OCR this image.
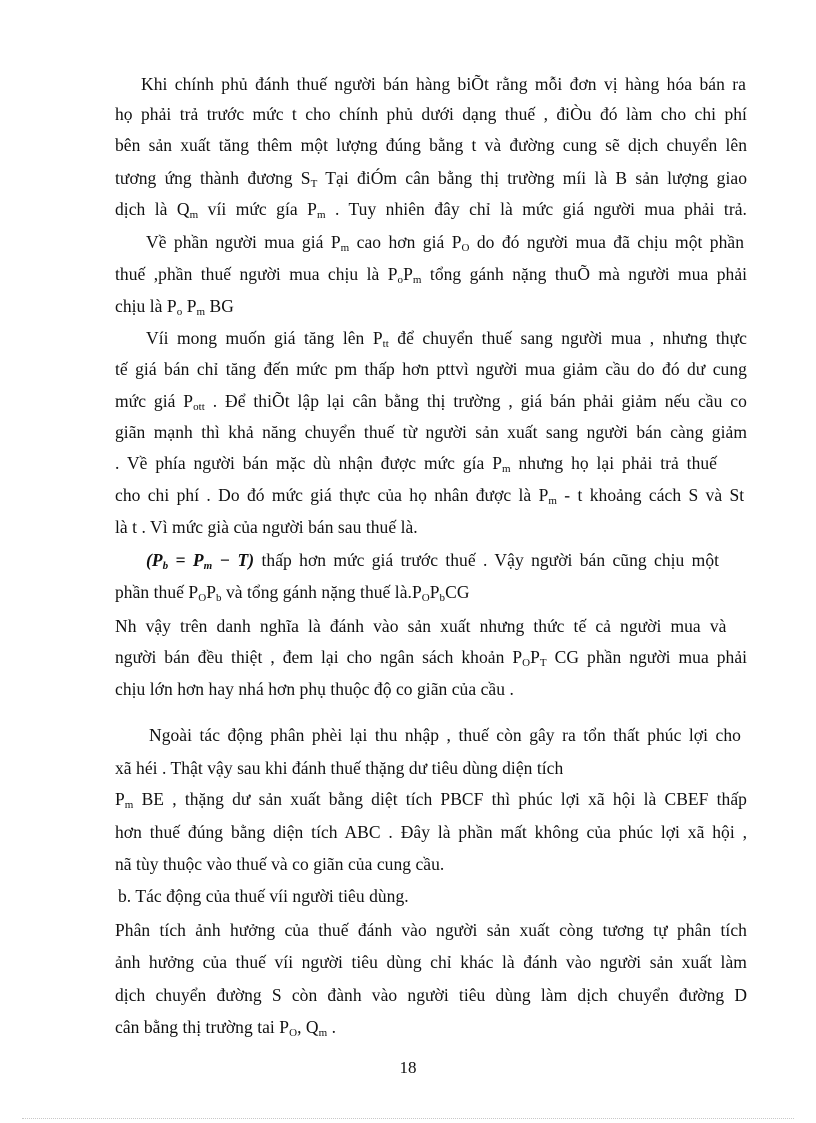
Khi chính phủ đánh thuế người bán hàng biÕt rằng mỗi đơn vị hàng hóa bán ra
họ phải trả trước mức t cho chính phủ dưới dạng thuế , điÒu đó làm cho chi phí
bên sản xuất tăng thêm một lượng đúng bằng t và đường cung sẽ dịch chuyển lên
tương ứng thành đương $S_T$ Tại điÓm cân bằng thị trường míi là B sản lượng giao
dịch là $Q_m$ víi mức gía $P_m$ . Tuy nhiên đây chỉ là mức giá người mua phải trả.
Về phần người mua giá $P_m$ cao hơn giá $P_O$ do đó người mua đã chịu một phần
thuế ,phần thuế người mua chịu là $P_oP_m$ tổng gánh nặng thuÕ mà người mua phải
chịu là $P_o$ $P_m$ BG
Víi mong muốn giá tăng lên $P_{tt}$ để chuyển thuế sang người mua , nhưng thực
tế giá bán chỉ tăng đến mức pm thấp hơn pttvì người mua giảm cầu do đó dư cung
mức giá $P_{ott}$ . Để thiÕt lập lại cân bằng thị trường , giá bán phải giảm nếu cầu co
giãn mạnh thì khả năng chuyển thuế từ người sản xuất sang người bán càng giảm
. Về phía người bán mặc dù nhận được mức gía $P_m$ nhưng họ lại phải trả thuế
cho chi phí . Do đó mức giá thực của họ nhân được là $P_m$ - t khoảng cách S và St
là t . Vì mức già của người bán sau thuế là.
$(P_b = P_m - T)$ thấp hơn mức giá trước thuế . Vậy người bán cũng chịu một
phần thuế $P_OP_b$ và tổng gánh nặng thuế $là.P_OP_bCG$
Nh vậy trên danh nghĩa là đánh vào sản xuất nhưng thức tế cả người mua và
người bán đều thiệt , đem lại cho ngân sách khoản $P_OP_T$ CG phần người mua phải
chịu lớn hơn hay nhá hơn phụ thuộc độ co giãn của cầu .
Ngoài tác động phân phèi lại thu nhập , thuế còn gây ra tổn thất phúc lợi cho
xã héi . Thật vậy sau khi đánh thuế thặng dư tiêu dùng diện tích
$P_m$ BE , thặng dư sản xuất bằng diệt tích PBCF thì phúc lợi xã hội là CBEF thấp
hơn thuế đúng bằng diện tích ABC . Đây là phần mất không của phúc lợi xã hội ,
nã tùy thuộc vào thuế và co giãn của cung cầu.
b. Tác động của thuế víi người tiêu dùng.
Phân tích ảnh hưởng của thuế đánh vào người sản xuất còng tương tự phân tích
ảnh hưởng của thuế víi người tiêu dùng chỉ khác là đánh vào người sản xuất làm
dịch chuyển đường S còn đành vào người tiêu dùng làm dịch chuyển đường D
cân bằng thị trường tai $P_O$, $Q_m$ .
18
